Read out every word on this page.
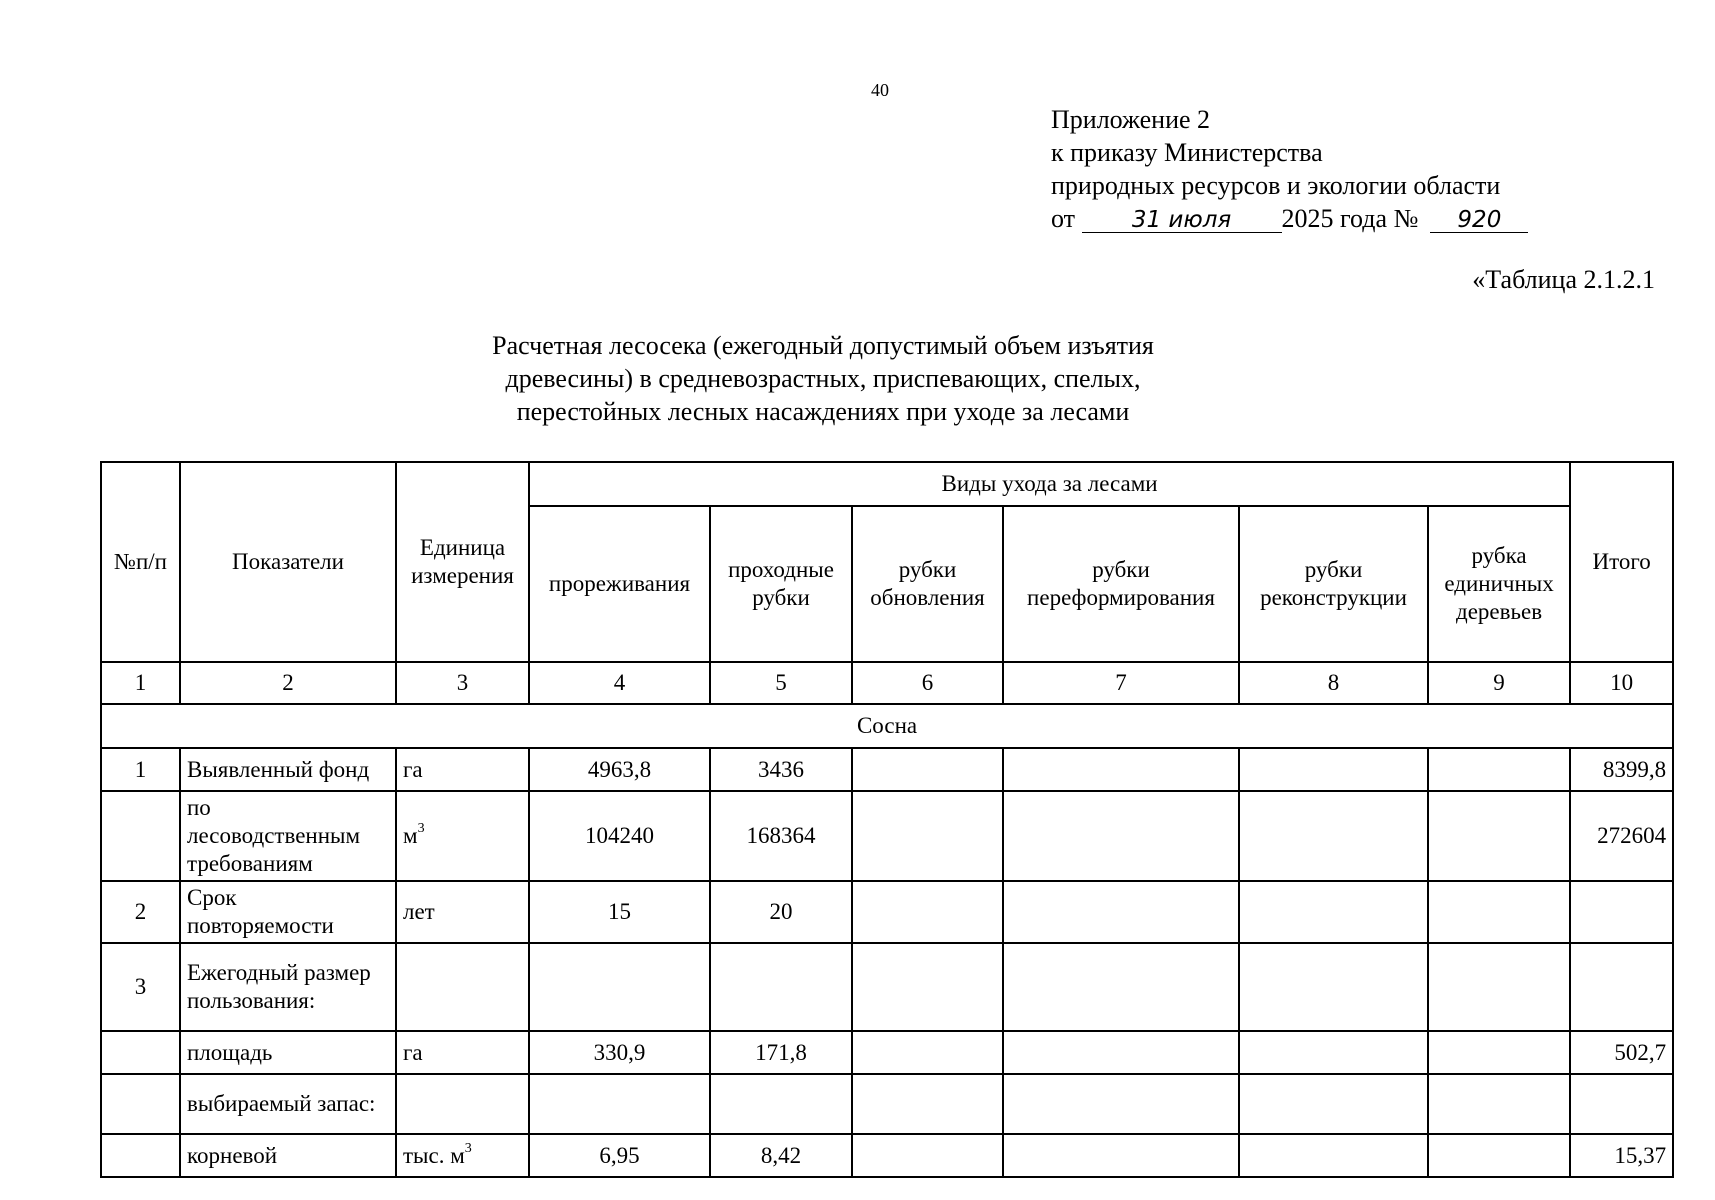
40
Приложение 2
к приказу Министерства
природных ресурсов и экологии области
от 31 июля 2025 года № 920
«Таблица 2.1.2.1
Расчетная лесосека (ежегодный допустимый объем изъятия
древесины) в средневозрастных, приспевающих, спелых,
перестойных лесных насаждениях при уходе за лесами
№п/п	Показатели	Единица измерения	Виды ухода за лесами						Итого
			прореживания	проходные рубки	рубки обновления	рубки переформирования	рубки реконструкции	рубка единичных деревьев	
1	2	3	4	5	6	7	8	9	10
Сосна									
1	Выявленный фонд	га	4963,8	3436					8399,8
	по лесоводственным требованиям	$м^3$	104240	168364					272604
2	Срок повторяемости	лет	15	20					
3	Ежегодный размер пользования:								
	площадь	га	330,9	171,8					502,7
	выбираемый запас:								
	корневой	тыс. $м^3$	6,95	8,42					15,37
